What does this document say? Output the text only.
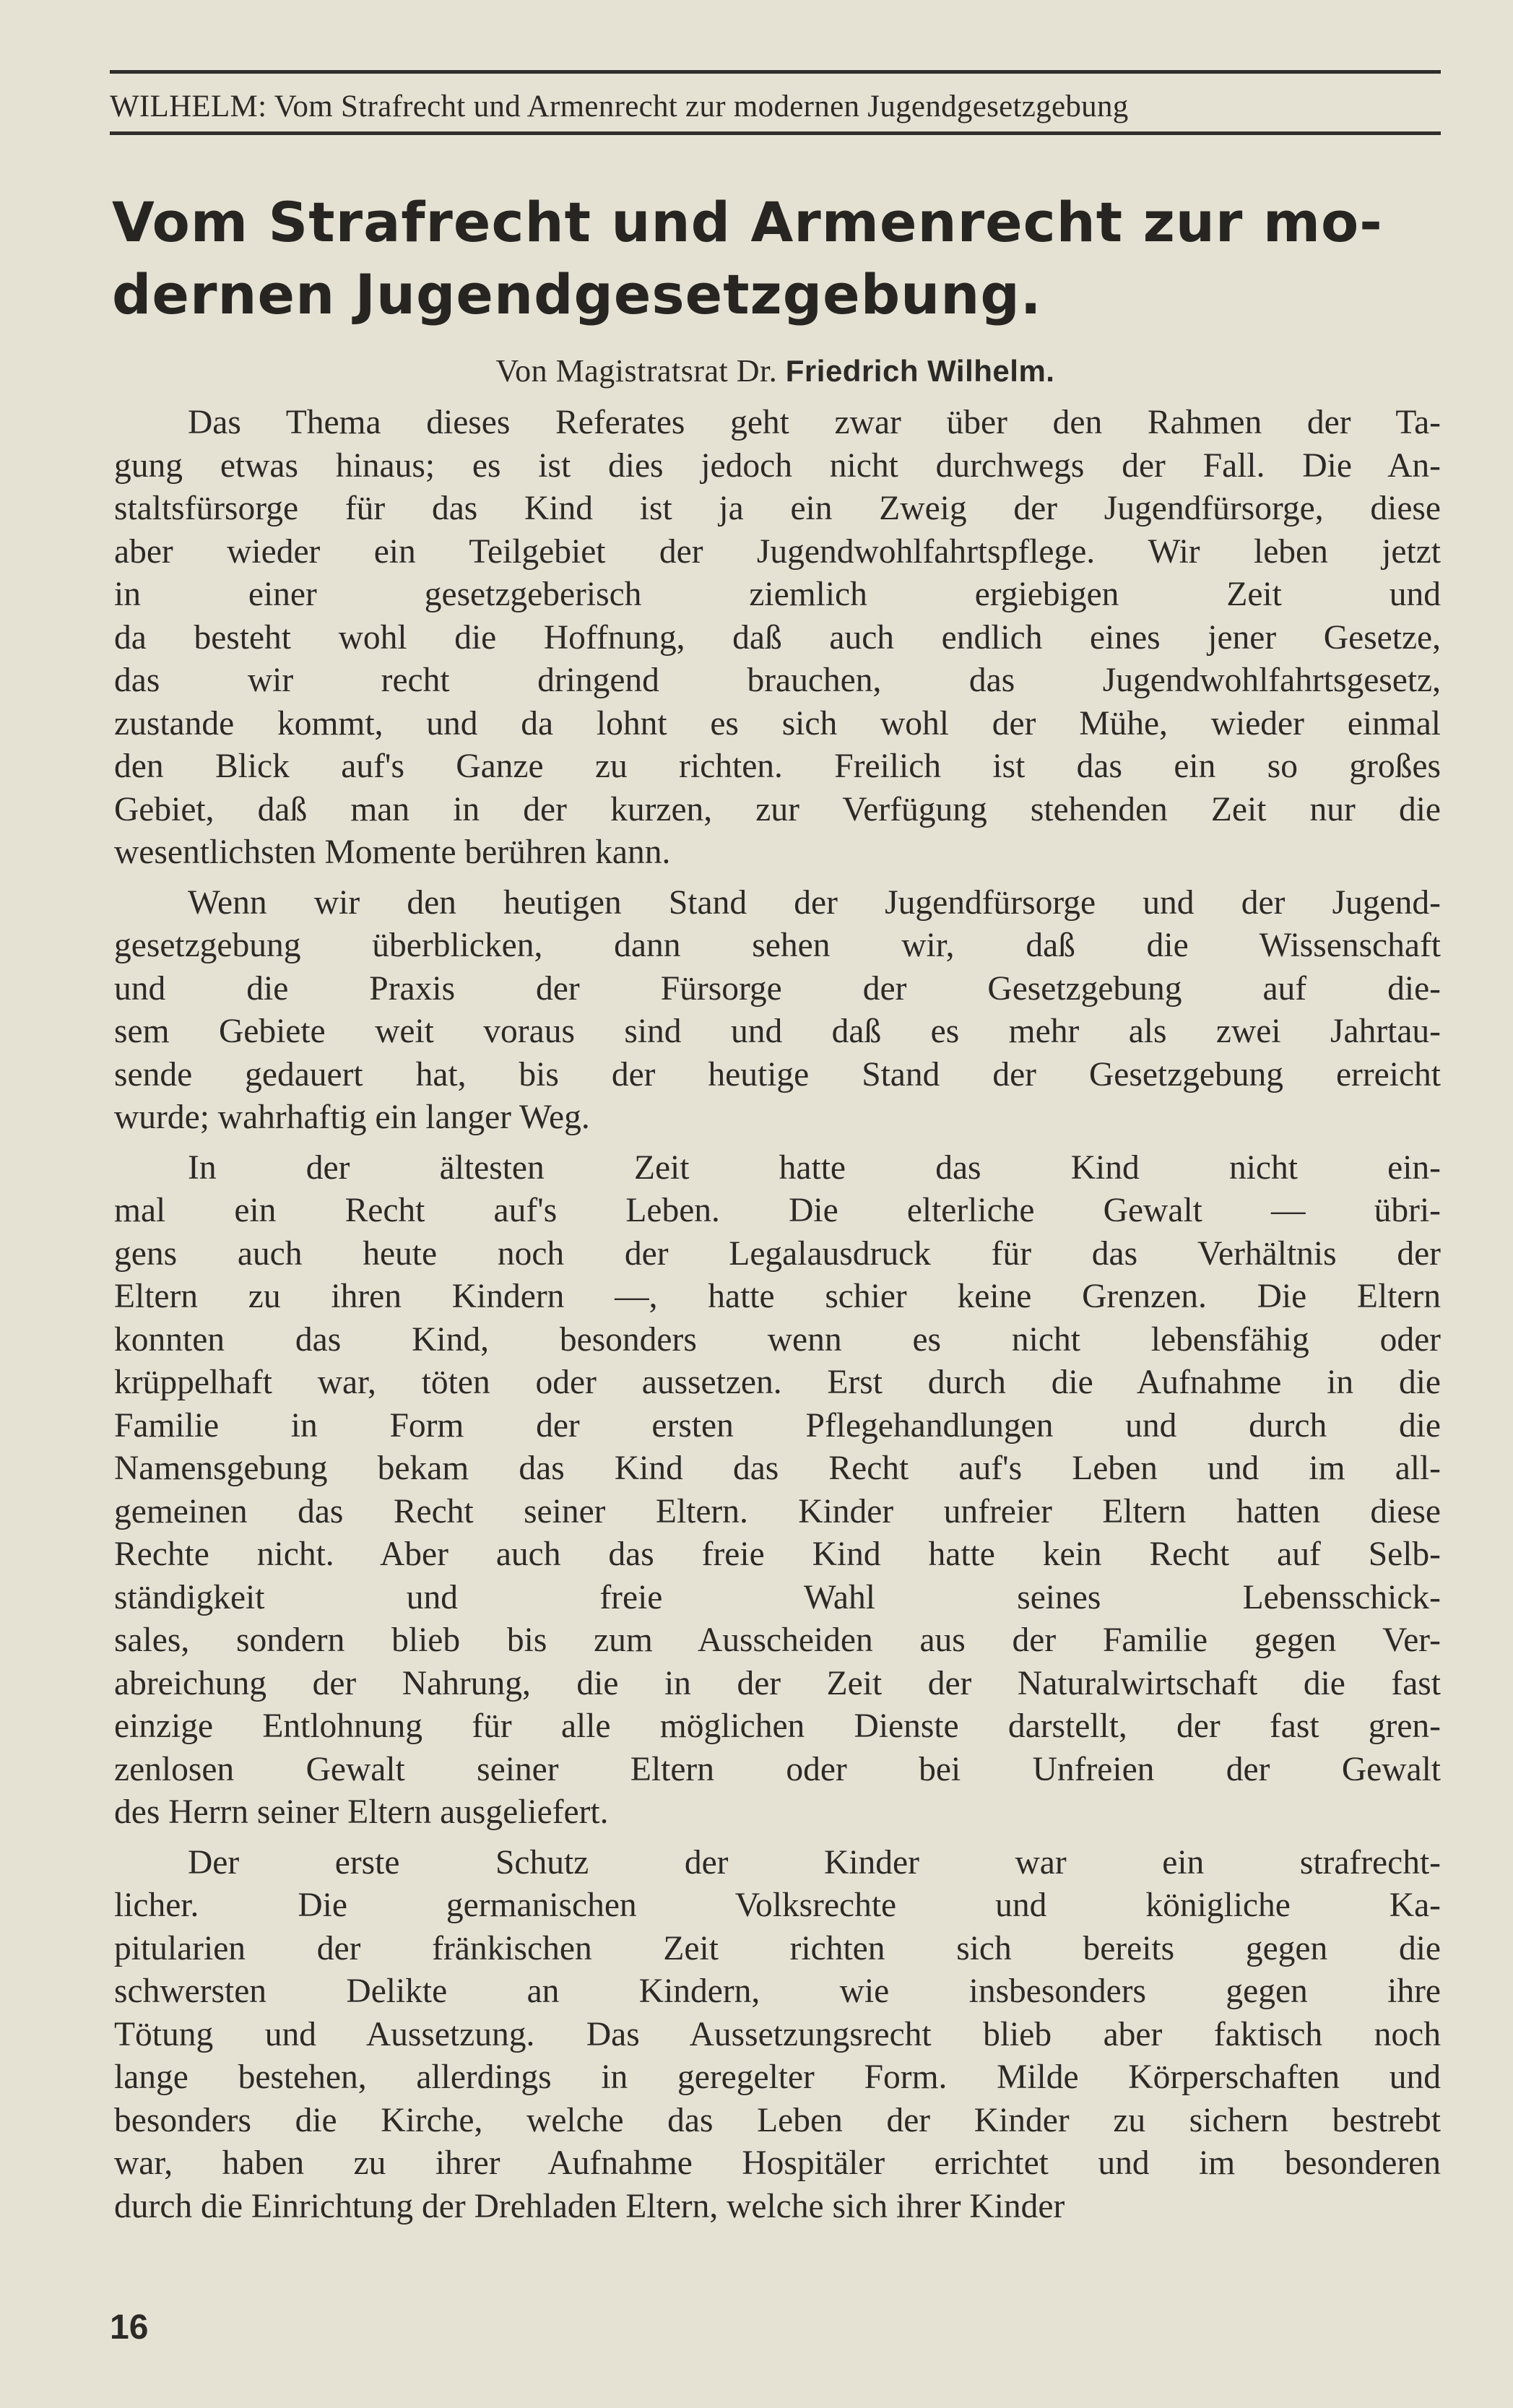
WILHELM: Vom Strafrecht und Armenrecht zur modernen Jugendgesetzgebung
Vom Strafrecht und Armenrecht zur mo-
dernen Jugendgesetzgebung.
Von Magistratsrat Dr. Friedrich Wilhelm.
Das Thema dieses Referates geht zwar über den Rahmen der Ta-
gung etwas hinaus; es ist dies jedoch nicht durchwegs der Fall. Die An-
staltsfürsorge für das Kind ist ja ein Zweig der Jugendfürsorge, diese
aber wieder ein Teilgebiet der Jugendwohlfahrtspflege. Wir leben jetzt
in einer gesetzgeberisch ziemlich ergiebigen Zeit und
da besteht wohl die Hoffnung, daß auch endlich eines jener Gesetze,
das wir recht dringend brauchen, das Jugendwohlfahrtsgesetz,
zustande kommt, und da lohnt es sich wohl der Mühe, wieder einmal
den Blick auf's Ganze zu richten. Freilich ist das ein so großes
Gebiet, daß man in der kurzen, zur Verfügung stehenden Zeit nur die
wesentlichsten Momente berühren kann.
Wenn wir den heutigen Stand der Jugendfürsorge und der Jugend-
gesetzgebung überblicken, dann sehen wir, daß die Wissenschaft
und die Praxis der Fürsorge der Gesetzgebung auf die-
sem Gebiete weit voraus sind und daß es mehr als zwei Jahrtau-
sende gedauert hat, bis der heutige Stand der Gesetzgebung erreicht
wurde; wahrhaftig ein langer Weg.
In der ältesten Zeit hatte das Kind nicht ein-
mal ein Recht auf's Leben. Die elterliche Gewalt — übri-
gens auch heute noch der Legalausdruck für das Verhältnis der
Eltern zu ihren Kindern —, hatte schier keine Grenzen. Die Eltern
konnten das Kind, besonders wenn es nicht lebensfähig oder
krüppelhaft war, töten oder aussetzen. Erst durch die Aufnahme in die
Familie in Form der ersten Pflegehandlungen und durch die
Namensgebung bekam das Kind das Recht auf's Leben und im all-
gemeinen das Recht seiner Eltern. Kinder unfreier Eltern hatten diese
Rechte nicht. Aber auch das freie Kind hatte kein Recht auf Selb-
ständigkeit und freie Wahl seines Lebensschick-
sales, sondern blieb bis zum Ausscheiden aus der Familie gegen Ver-
abreichung der Nahrung, die in der Zeit der Naturalwirtschaft die fast
einzige Entlohnung für alle möglichen Dienste darstellt, der fast gren-
zenlosen Gewalt seiner Eltern oder bei Unfreien der Gewalt
des Herrn seiner Eltern ausgeliefert.
Der erste Schutz der Kinder war ein strafrecht-
licher. Die germanischen Volksrechte und königliche Ka-
pitularien der fränkischen Zeit richten sich bereits gegen die
schwersten Delikte an Kindern, wie insbesonders gegen ihre
Tötung und Aussetzung. Das Aussetzungsrecht blieb aber faktisch noch
lange bestehen, allerdings in geregelter Form. Milde Körperschaften und
besonders die Kirche, welche das Leben der Kinder zu sichern bestrebt
war, haben zu ihrer Aufnahme Hospitäler errichtet und im besonderen
durch die Einrichtung der Drehladen Eltern, welche sich ihrer Kinder
16
